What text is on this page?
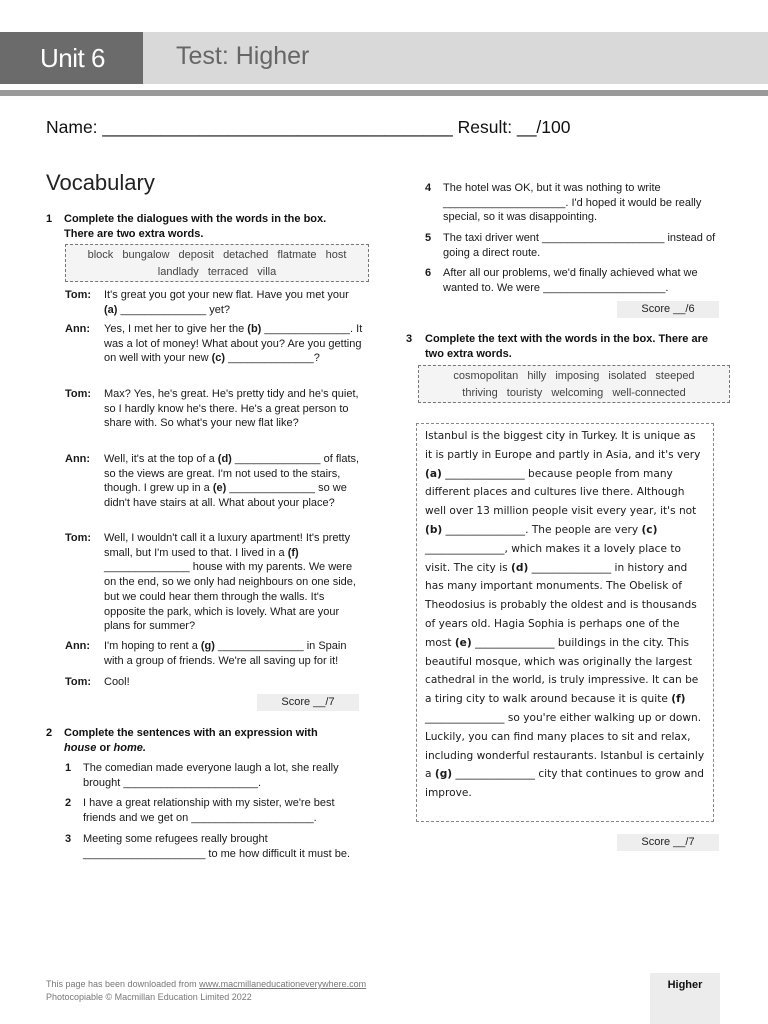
Unit 6	Test: Higher
Name: ____________________________________ Result: __/100
Vocabulary
1 Complete the dialogues with the words in the box. There are two extra words.
block bungalow deposit detached flatmate host
landlady terraced villa
Tom: It's great you got your new flat. Have you met your (a) ______________ yet?
Ann: Yes, I met her to give her the (b) ______________. It was a lot of money! What about you? Are you getting on well with your new (c) ______________?
Tom: Max? Yes, he's great. He's pretty tidy and he's quiet, so I hardly know he's there. He's a great person to share with. So what's your new flat like?
Ann: Well, it's at the top of a (d) ______________ of flats, so the views are great. I'm not used to the stairs, though. I grew up in a (e) ______________ so we didn't have stairs at all. What about your place?
Tom: Well, I wouldn't call it a luxury apartment! It's pretty small, but I'm used to that. I lived in a (f) ______________ house with my parents. We were on the end, so we only had neighbours on one side, but we could hear them through the walls. It's opposite the park, which is lovely. What are your plans for summer?
Ann: I'm hoping to rent a (g) ______________ in Spain with a group of friends. We're all saving up for it!
Tom: Cool!
Score __/7
2 Complete the sentences with an expression with
house or home.
1 The comedian made everyone laugh a lot, she really brought ______________________.
2 I have a great relationship with my sister, we're best friends and we get on ____________________.
3 Meeting some refugees really brought ____________________ to me how difficult it must be.
4 The hotel was OK, but it was nothing to write ____________________. I'd hoped it would be really special, so it was disappointing.
5 The taxi driver went ____________________ instead of going a direct route.
6 After all our problems, we'd finally achieved what we wanted to. We were ____________________.
Score __/6
3 Complete the text with the words in the box. There are two extra words.
cosmopolitan hilly imposing isolated steeped
thriving touristy welcoming well-connected
Istanbul is the biggest city in Turkey. It is unique as it is partly in Europe and partly in Asia, and it's very (a) _______________ because people from many different places and cultures live there. Although well over 13 million people visit every year, it's not (b) _______________. The people are very (c) _______________, which makes it a lovely place to visit. The city is (d) _______________ in history and has many important monuments. The Obelisk of Theodosius is probably the oldest and is thousands of years old. Hagia Sophia is perhaps one of the most (e) _______________ buildings in the city. This beautiful mosque, which was originally the largest cathedral in the world, is truly impressive. It can be a tiring city to walk around because it is quite (f) _______________ so you're either walking up or down. Luckily, you can find many places to sit and relax, including wonderful restaurants. Istanbul is certainly a (g) _______________ city that continues to grow and improve.
Score __/7
This page has been downloaded from www.macmillaneducationeverywhere.com
Photocopiable © Macmillan Education Limited 2022
Higher
